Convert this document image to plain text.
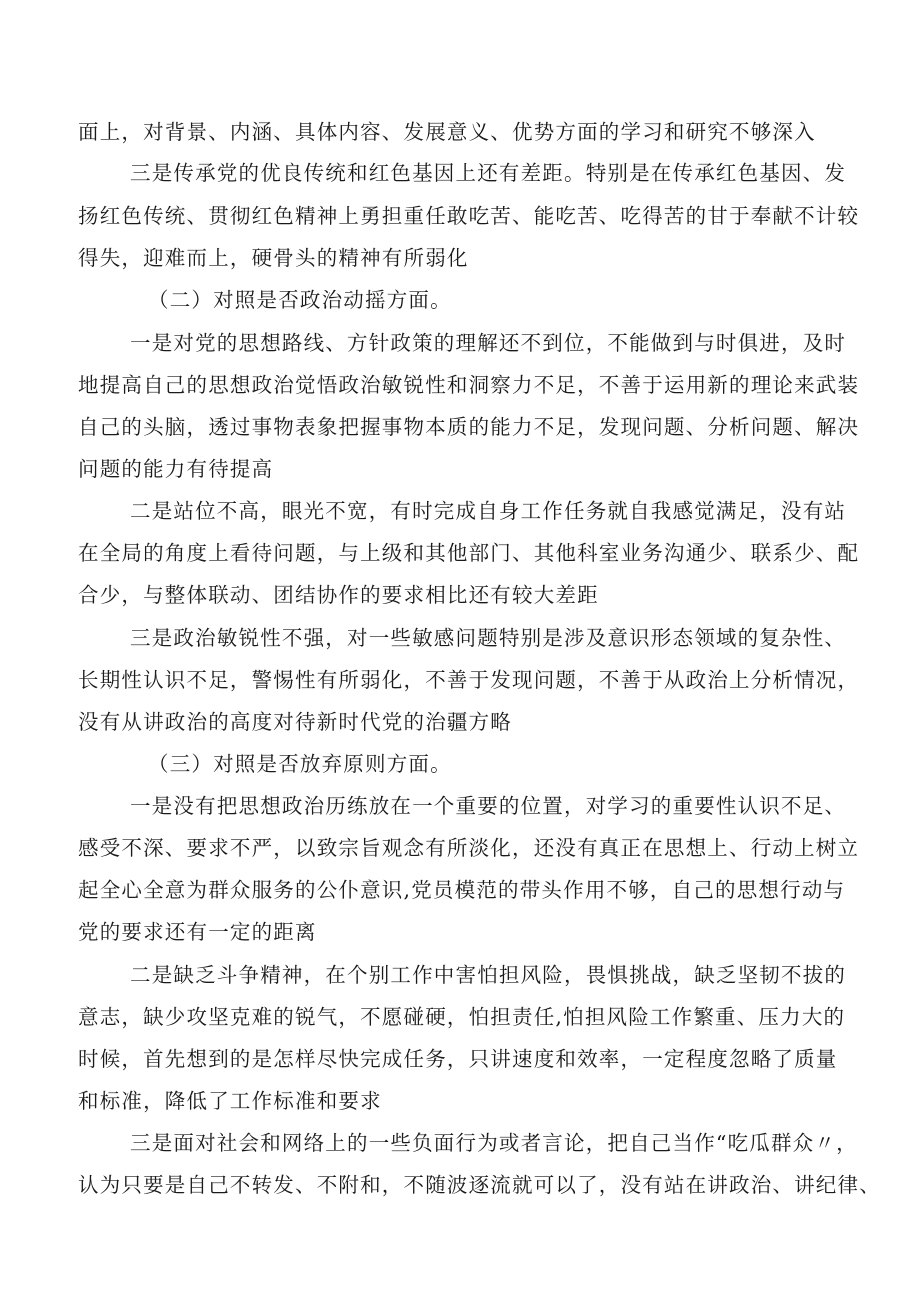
面上，对背景、内涵、具体内容、发展意义、优势方面的学习和研究不够深入
三是传承党的优良传统和红色基因上还有差距。特别是在传承红色基因、发
扬红色传统、贯彻红色精神上勇担重任敢吃苦、能吃苦、吃得苦的甘于奉献不计较
得失，迎难而上，硬骨头的精神有所弱化
（二）对照是否政治动摇方面。
一是对党的思想路线、方针政策的理解还不到位，不能做到与时俱进，及时
地提高自己的思想政治觉悟政治敏锐性和洞察力不足，不善于运用新的理论来武装
自己的头脑，透过事物表象把握事物本质的能力不足，发现问题、分析问题、解决
问题的能力有待提高
二是站位不高，眼光不宽，有时完成自身工作任务就自我感觉满足，没有站
在全局的角度上看待问题，与上级和其他部门、其他科室业务沟通少、联系少、配
合少，与整体联动、团结协作的要求相比还有较大差距
三是政治敏锐性不强，对一些敏感问题特别是涉及意识形态领域的复杂性、
长期性认识不足，警惕性有所弱化，不善于发现问题，不善于从政治上分析情况，
没有从讲政治的高度对待新时代党的治疆方略
（三）对照是否放弃原则方面。
一是没有把思想政治历练放在一个重要的位置，对学习的重要性认识不足、
感受不深、要求不严，以致宗旨观念有所淡化，还没有真正在思想上、行动上树立
起全心全意为群众服务的公仆意识,党员模范的带头作用不够，自己的思想行动与
党的要求还有一定的距离
二是缺乏斗争精神，在个别工作中害怕担风险，畏惧挑战，缺乏坚韧不拔的
意志，缺少攻坚克难的锐气，不愿碰硬，怕担责任,怕担风险工作繁重、压力大的
时候，首先想到的是怎样尽快完成任务，只讲速度和效率，一定程度忽略了质量
和标准，降低了工作标准和要求
三是面对社会和网络上的一些负面行为或者言论，把自己当作“吃瓜群众〃，
认为只要是自己不转发、不附和，不随波逐流就可以了，没有站在讲政治、讲纪律、
